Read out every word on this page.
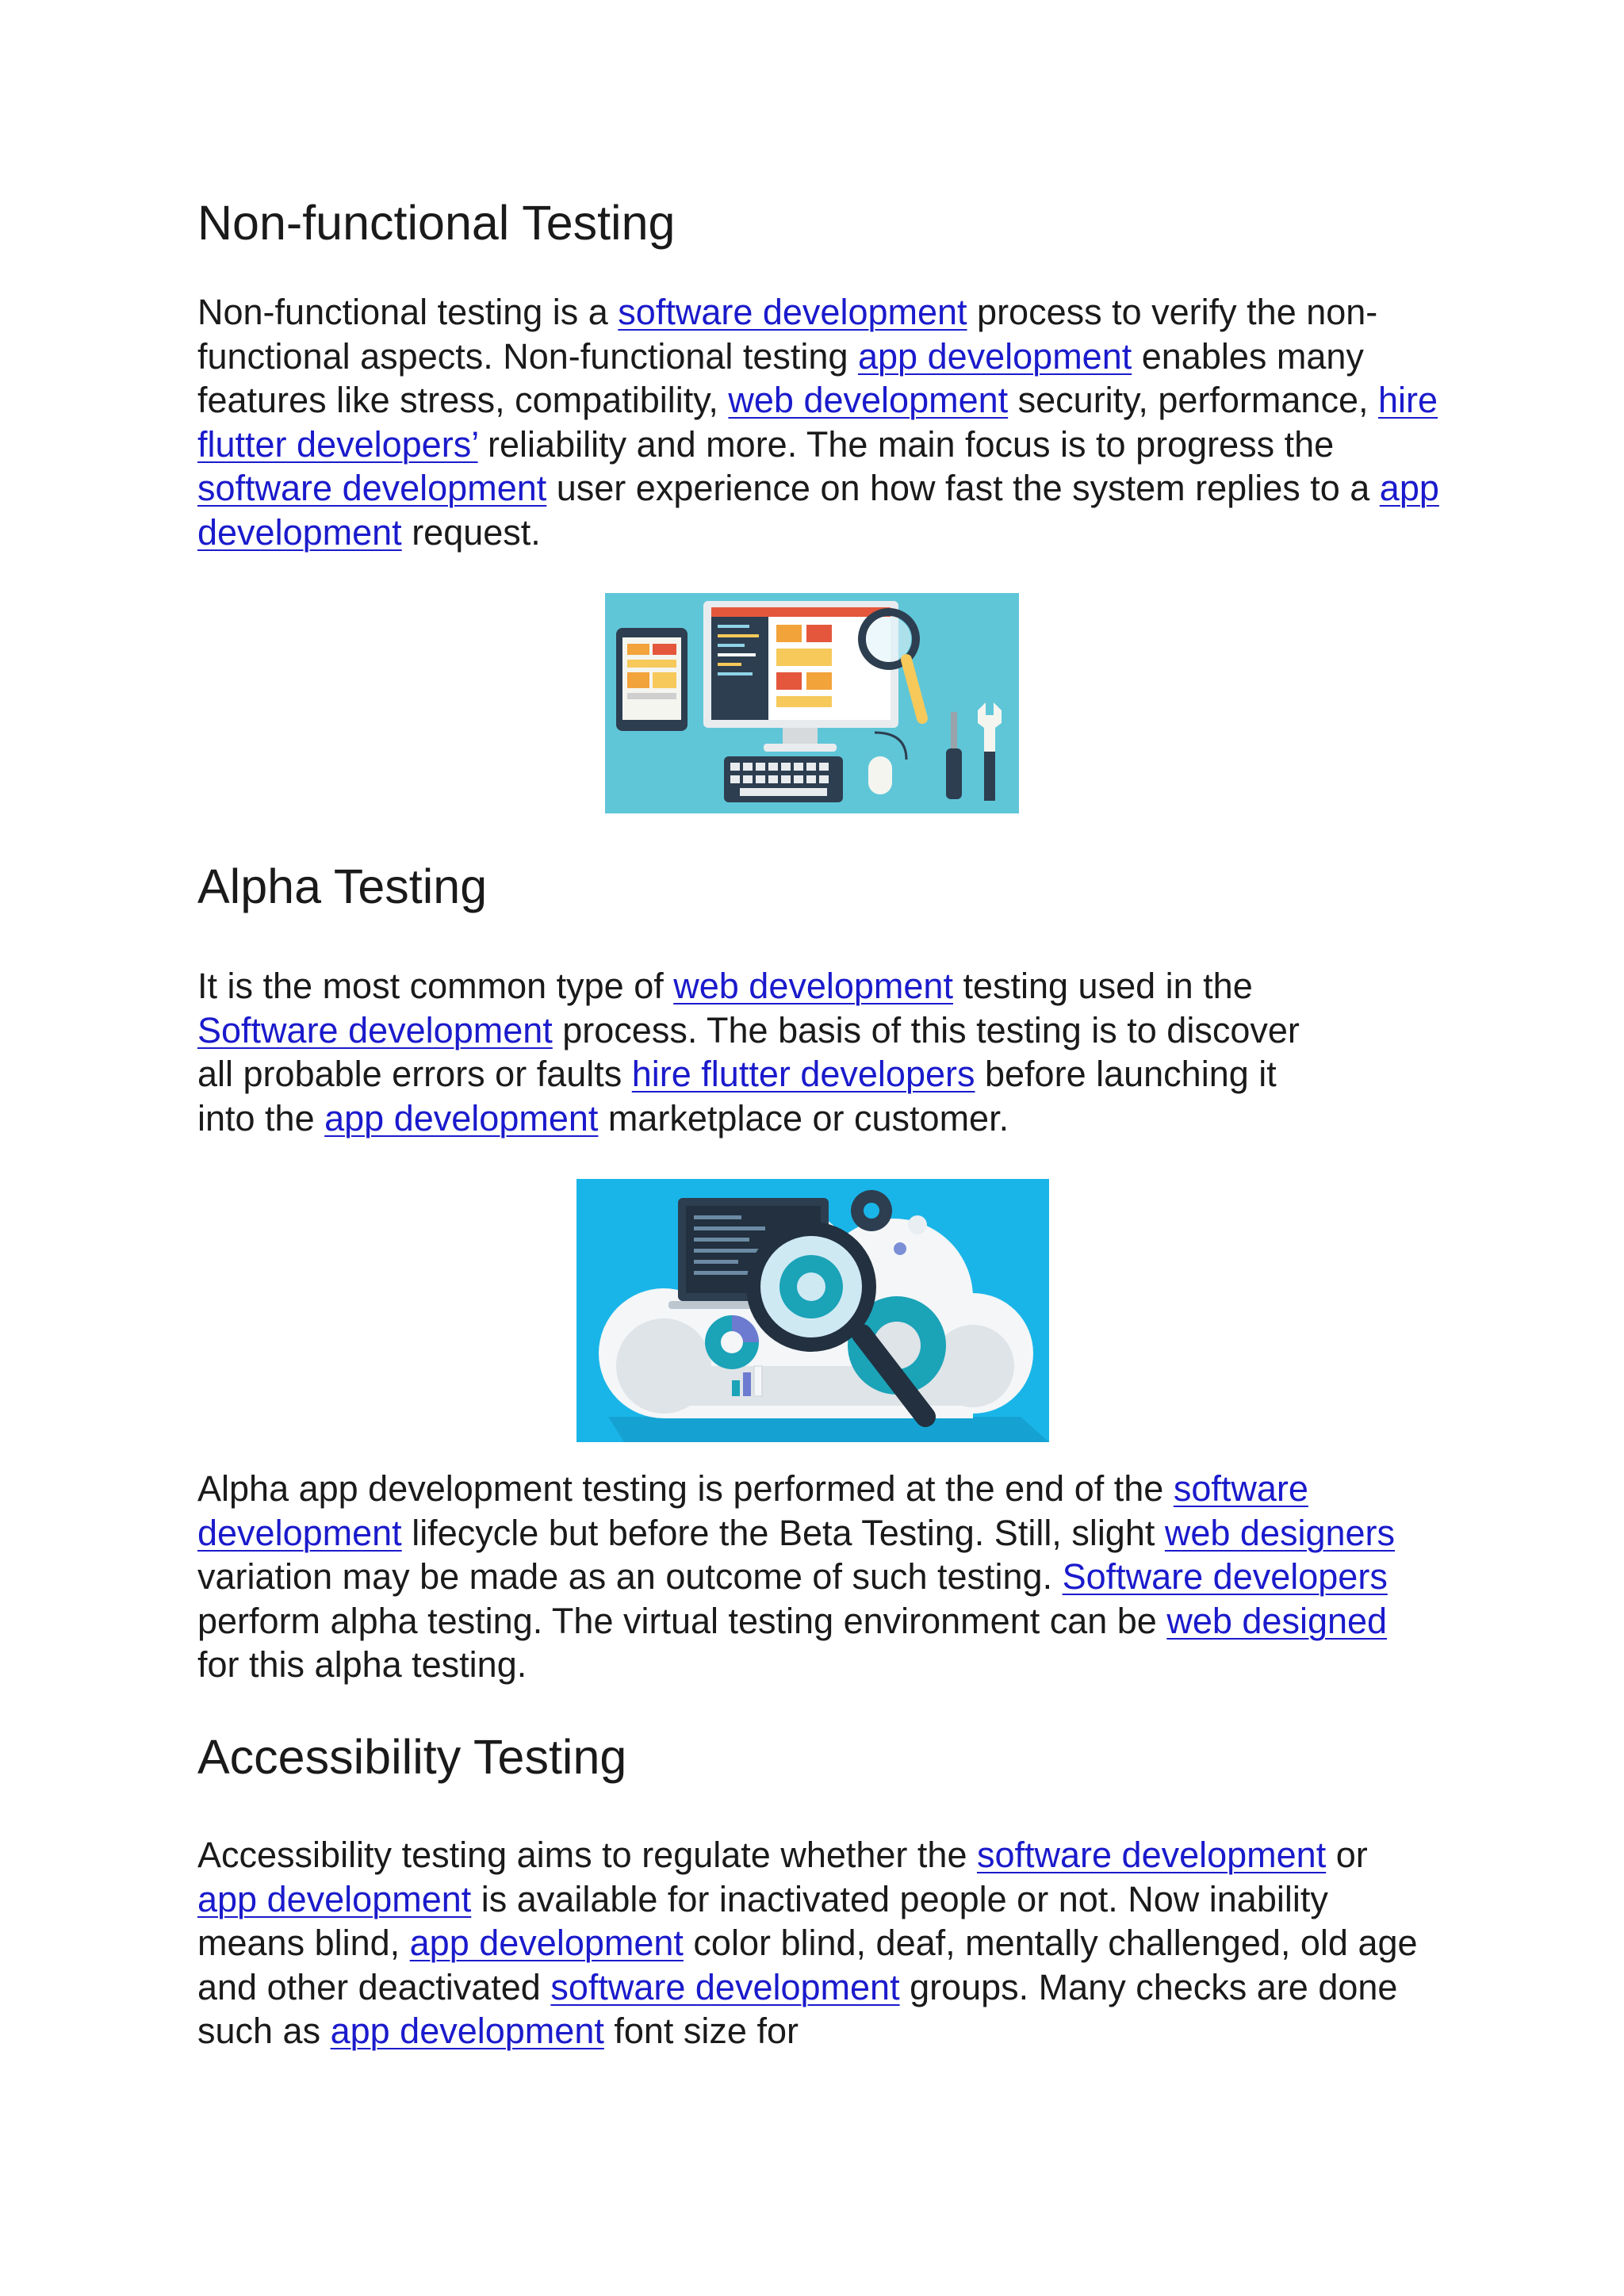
Non-functional Testing
Non-functional testing is a software development process to verify the non-functional aspects. Non-functional testing app development enables many features like stress, compatibility, web development security, performance, hire flutter developers’ reliability and more. The main focus is to progress the software development user experience on how fast the system replies to a app development request.
Alpha Testing
It is the most common type of web development testing used in the Software development process. The basis of this testing is to discover all probable errors or faults hire flutter developers before launching it into the app development marketplace or customer.
Alpha app development testing is performed at the end of the software development lifecycle but before the Beta Testing. Still, slight web designers variation may be made as an outcome of such testing. Software developers perform alpha testing. The virtual testing environment can be web designed for this alpha testing.
Accessibility Testing
Accessibility testing aims to regulate whether the software development or app development is available for inactivated people or not. Now inability means blind, app development color blind, deaf, mentally challenged, old age and other deactivated software development groups. Many checks are done such as app development font size for
